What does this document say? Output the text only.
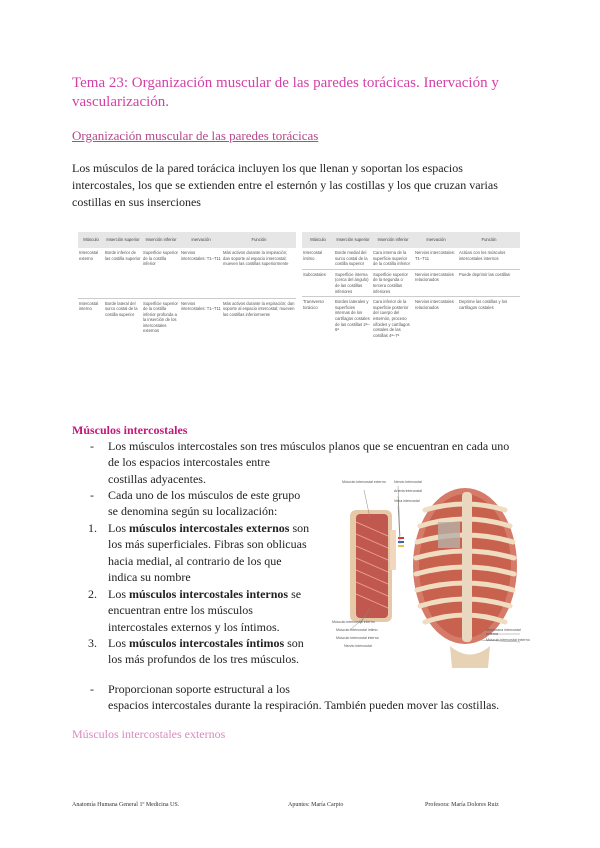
Tema 23: Organización muscular de las paredes torácicas. Inervación y vascularización.
Organización muscular de las paredes torácicas
Los músculos de la pared torácica incluyen los que llenan y soportan los espacios
intercostales, los que se extienden entre el esternón y las costillas y los que cruzan varias
costillas en sus inserciones
Músculo	Inserción superior	Inserción inferior	Inervación	Función
Intercostal externo	Borde inferior de las costilla superior	Superficie superior de la costilla inferior	Nervios intercostales: T1–T11	Más activos durante la inspiración; dan soporte al espacio intercostal; mueven las costillas superiormente
Intercostal interno	Borde lateral del surco costal de la costilla superior	Superficie superior de la costilla inferior profunda a la inserción de los intercostales externos	Nervios intercostales: T1–T11	Más activos durante la espiración; dan soporte al espacio intercostal; mueven las costillas inferiormente
Músculo	Inserción superior	Inserción inferior	Inervación	Función
Intercostal íntimo	Borde medial del surco costal de la costilla superior	Cara interna de la superficie superior de la costilla inferior	Nervios intercostales: T1–T11	Actúan con los músculos intercostales internos
Subcostales	Superficie interna (cerca del ángulo) de las costillas inferiores	Superficie superior de la segunda o tercera costillas inferiores	Nervios intercostales relacionados	Puede deprimir las costillas
Transverso torácico	Bordes laterales y superficies internas de los cartílagos costales de las costillas 2ª–6ª	Cara inferior de la superficie posterior del cuerpo del esternón, proceso xifoides y cartílagos costales de las costillas 4ª–7ª	Nervios intercostales relacionados	Deprime las costillas y los cartílagos costales
Músculos intercostales
- Los músculos intercostales son tres músculos planos que se encuentran en cada uno
de los espacios intercostales entre
costillas adyacentes.
- Cada uno de los músculos de este grupo
se denomina según su localización:
1. Los músculos intercostales externos son
los más superficiales. Fibras son oblicuas
hacia medial, al contrario de los que
indica su nombre
2. Los músculos intercostales internos se
encuentran entre los músculos
intercostales externos y los íntimos.
3. Los músculos intercostales íntimos son
los más profundos de los tres músculos.
- Proporcionan soporte estructural a los
espacios intercostales durante la respiración. También pueden mover las costillas.
Músculo intercostal externo Nervio intercostal
Arteria intercostal
Vena intercostal
Músculo intercostal interno
Músculo intercostal íntimo
Músculo intercostal interno
Nervio intercostal
Membrana intercostal externa
Músculo intercostal externo
Músculos intercostales externos
Anatomía Humana General 1º Medicina US.	Apuntes: María Carpio	Profesora: María Dolores Ruiz
